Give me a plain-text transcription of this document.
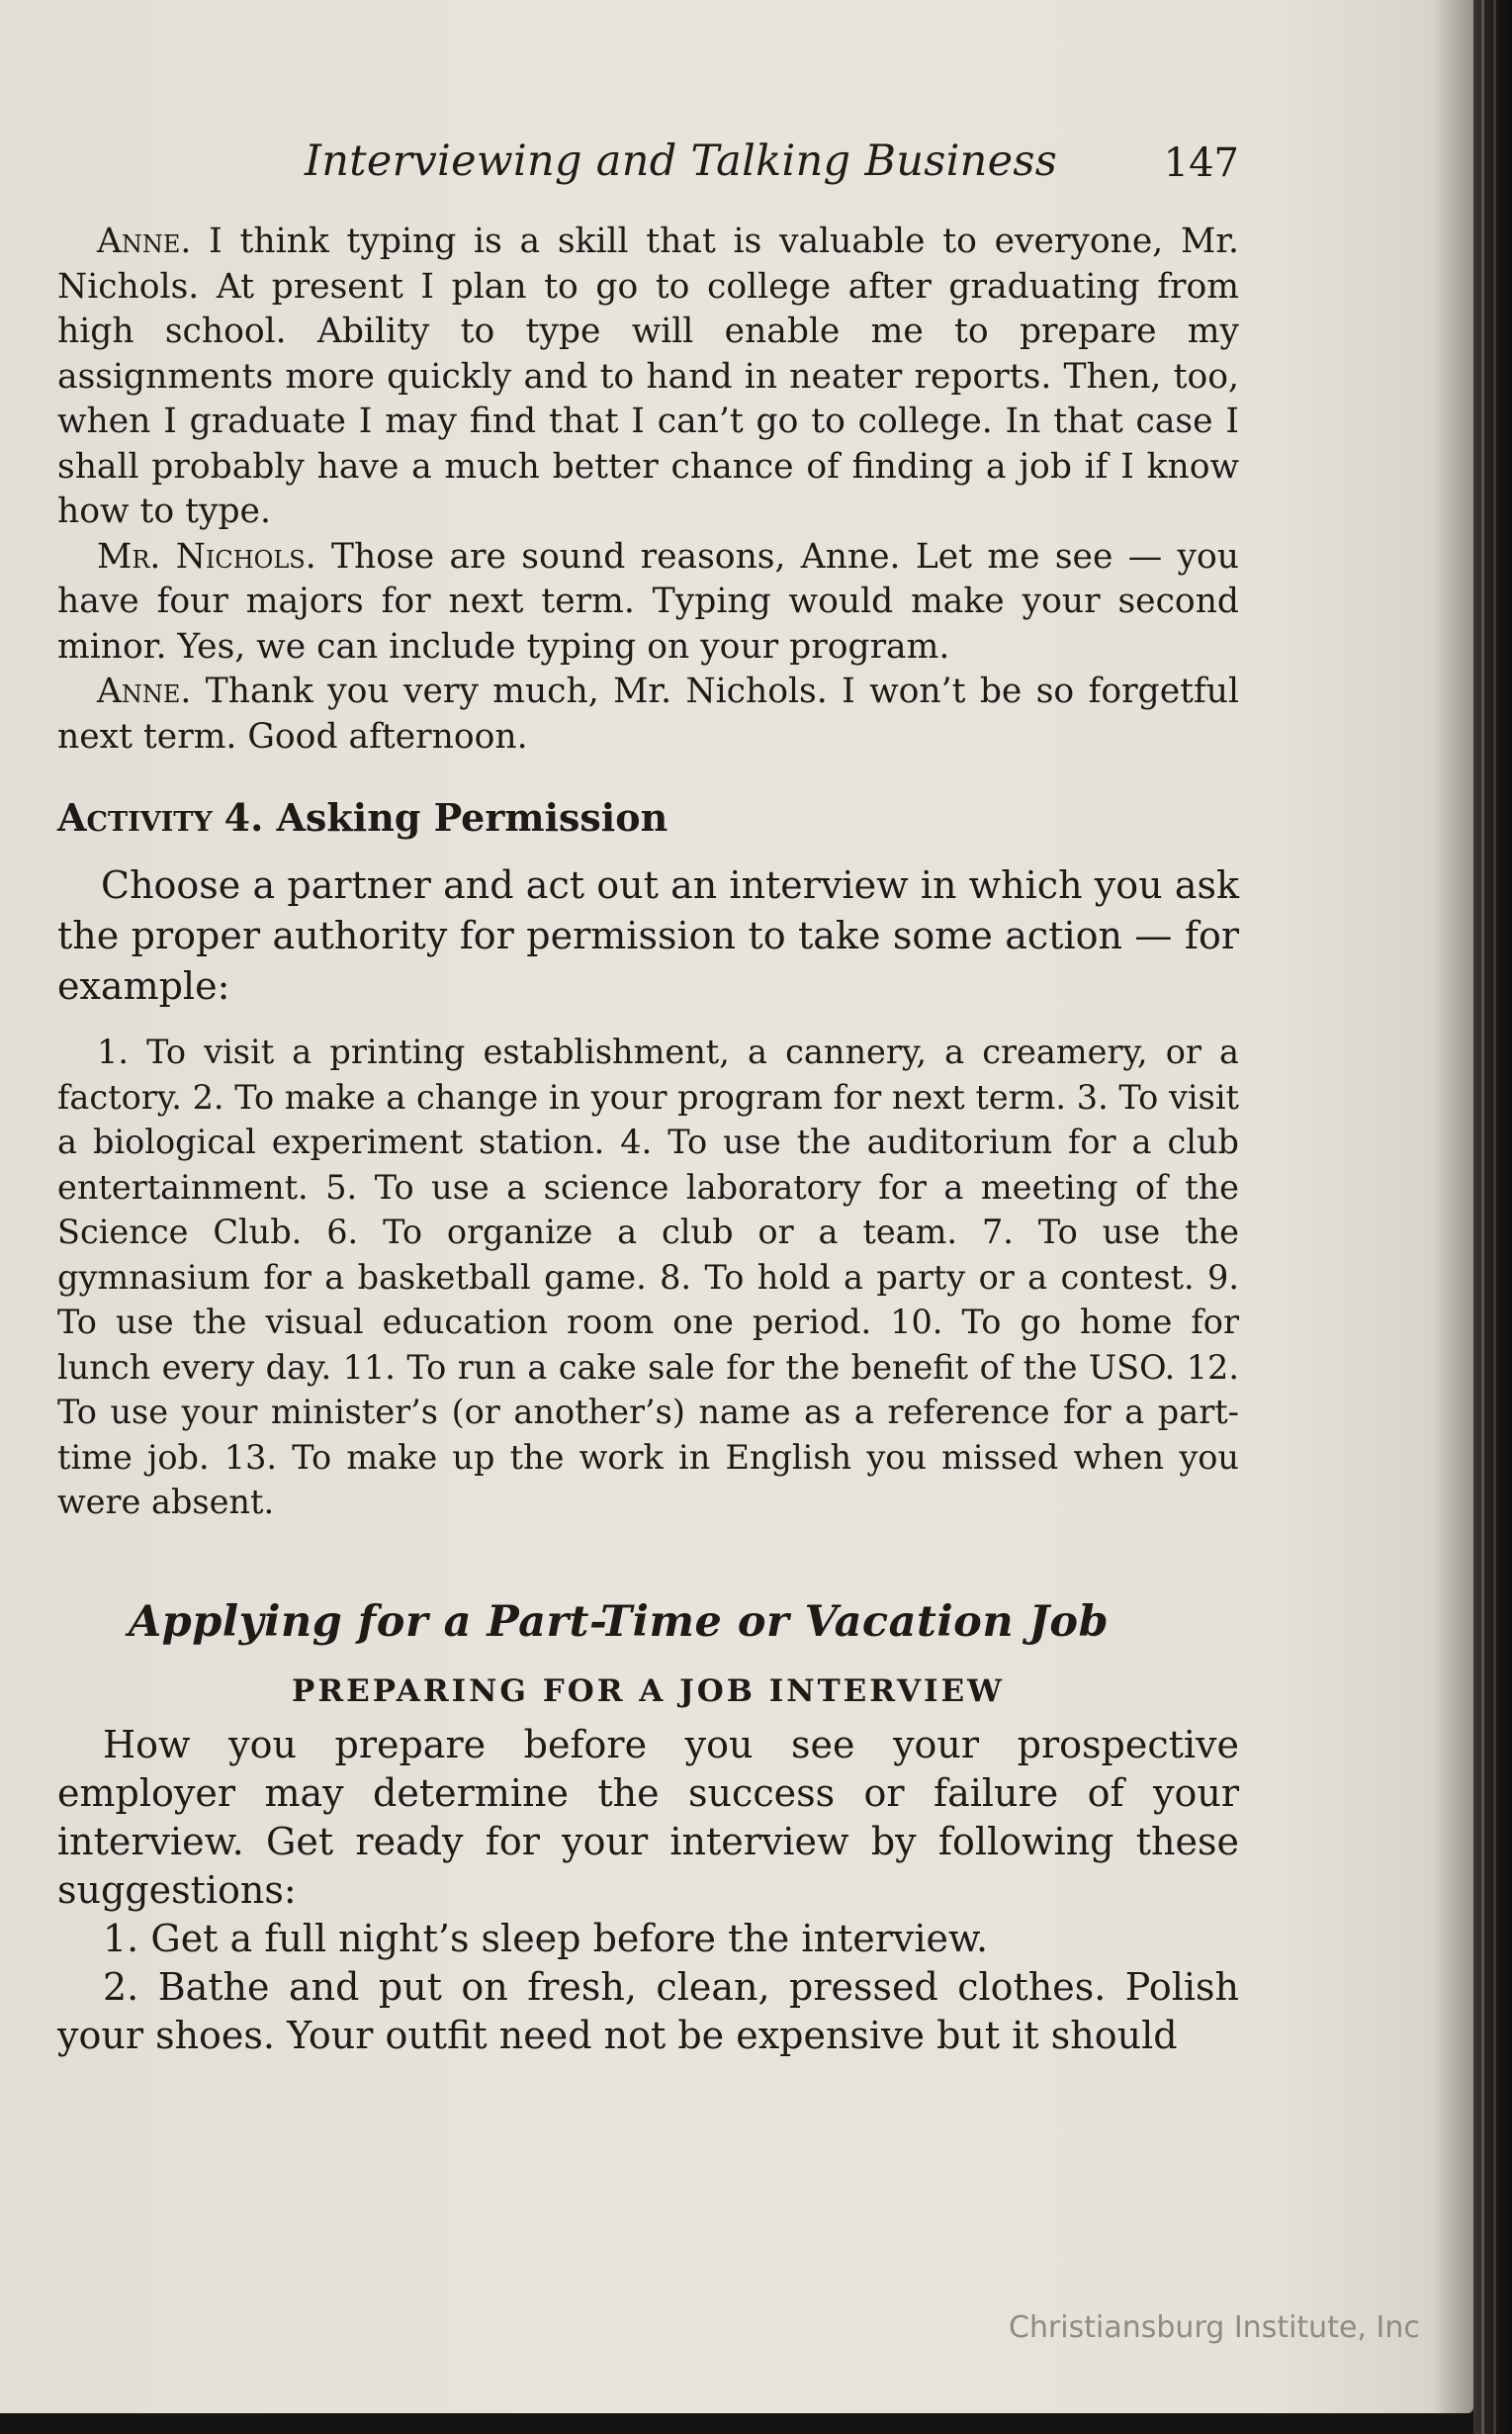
Interviewing and Talking Business	147

Anne. I think typing is a skill that is valuable to everyone, Mr. Nichols. At present I plan to go to college after graduating from high school. Ability to type will enable me to prepare my assignments more quickly and to hand in neater reports. Then, too, when I graduate I may find that I can’t go to college. In that case I shall probably have a much better chance of finding a job if I know how to type.

Mr. Nichols. Those are sound reasons, Anne. Let me see — you have four majors for next term. Typing would make your second minor. Yes, we can include typing on your program.

Anne. Thank you very much, Mr. Nichols. I won’t be so forgetful next term. Good afternoon.

Activity 4. Asking Permission

Choose a partner and act out an interview in which you ask the proper authority for permission to take some action — for example:

1. To visit a printing establishment, a cannery, a creamery, or a factory. 2. To make a change in your program for next term. 3. To visit a biological experiment station. 4. To use the auditorium for a club entertainment. 5. To use a science laboratory for a meeting of the Science Club. 6. To organize a club or a team. 7. To use the gymnasium for a basketball game. 8. To hold a party or a contest. 9. To use the visual education room one period. 10. To go home for lunch every day. 11. To run a cake sale for the benefit of the USO. 12. To use your minister’s (or another’s) name as a reference for a part-time job. 13. To make up the work in English you missed when you were absent.

Applying for a Part-Time or Vacation Job
PREPARING FOR A JOB INTERVIEW

How you prepare before you see your prospective employer may determine the success or failure of your interview. Get ready for your interview by following these suggestions:

1. Get a full night’s sleep before the interview.
2. Bathe and put on fresh, clean, pressed clothes. Polish your shoes. Your outfit need not be expensive but it should
Christiansburg Institute, Inc
